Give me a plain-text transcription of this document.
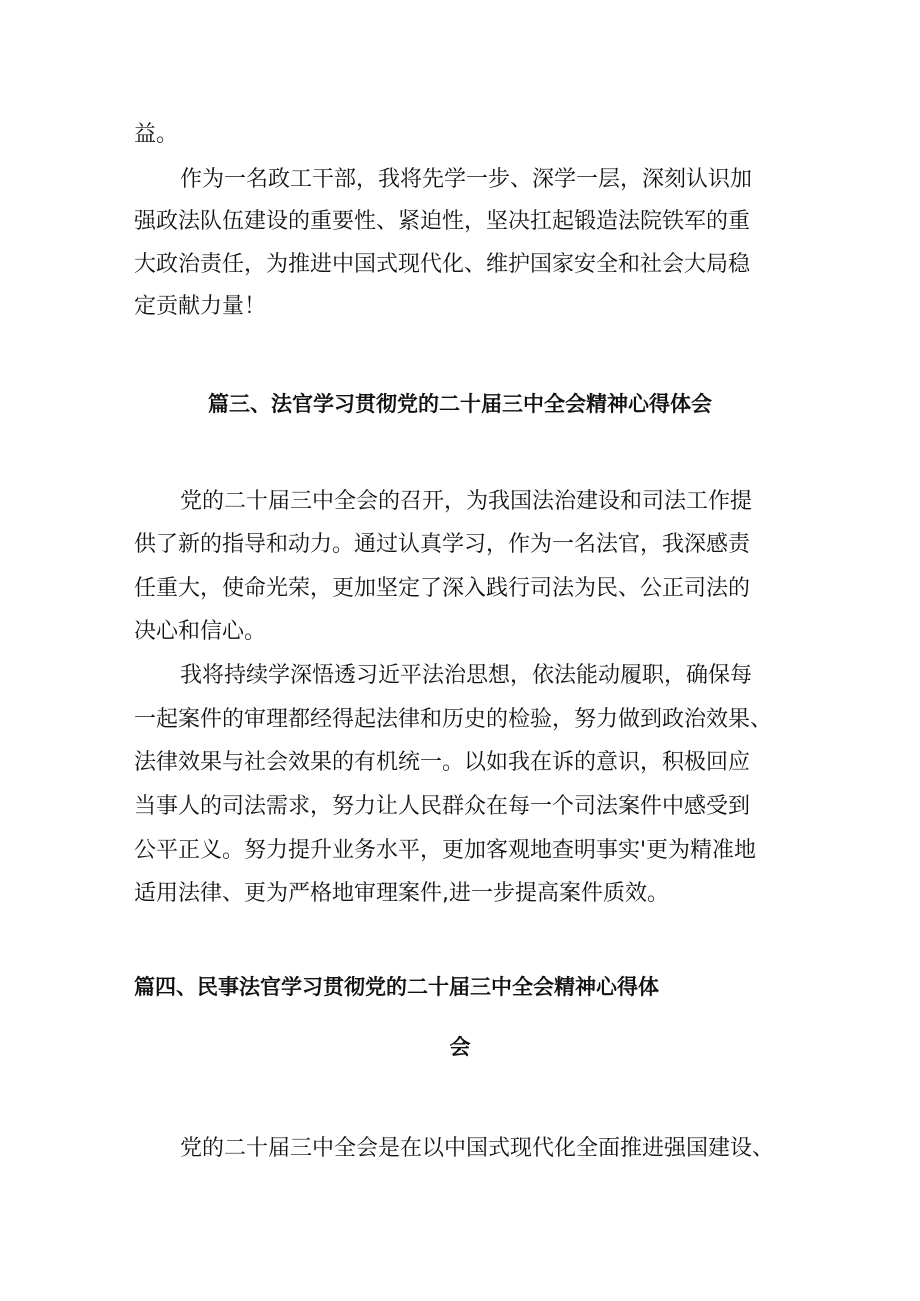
益。
作为一名政工干部，我将先学一步、深学一层，深刻认识加
强政法队伍建设的重要性、紧迫性，坚决扛起锻造法院铁军的重
大政治责任，为推进中国式现代化、维护国家安全和社会大局稳
定贡献力量！
篇三、法官学习贯彻党的二十届三中全会精神心得体会
党的二十届三中全会的召开，为我国法治建设和司法工作提
供了新的指导和动力。通过认真学习，作为一名法官，我深感责
任重大，使命光荣，更加坚定了深入践行司法为民、公正司法的
决心和信心。
我将持续学深悟透习近平法治思想，依法能动履职，确保每
一起案件的审理都经得起法律和历史的检验，努力做到政治效果、
法律效果与社会效果的有机统一。以如我在诉的意识，积极回应
当事人的司法需求，努力让人民群众在每一个司法案件中感受到
公平正义。努力提升业务水平，更加客观地查明事实'更为精准地
适用法律、更为严格地审理案件,进一步提高案件质效。
篇四、民事法官学习贯彻党的二十届三中全会精神心得体
会
党的二十届三中全会是在以中国式现代化全面推进强国建设、
